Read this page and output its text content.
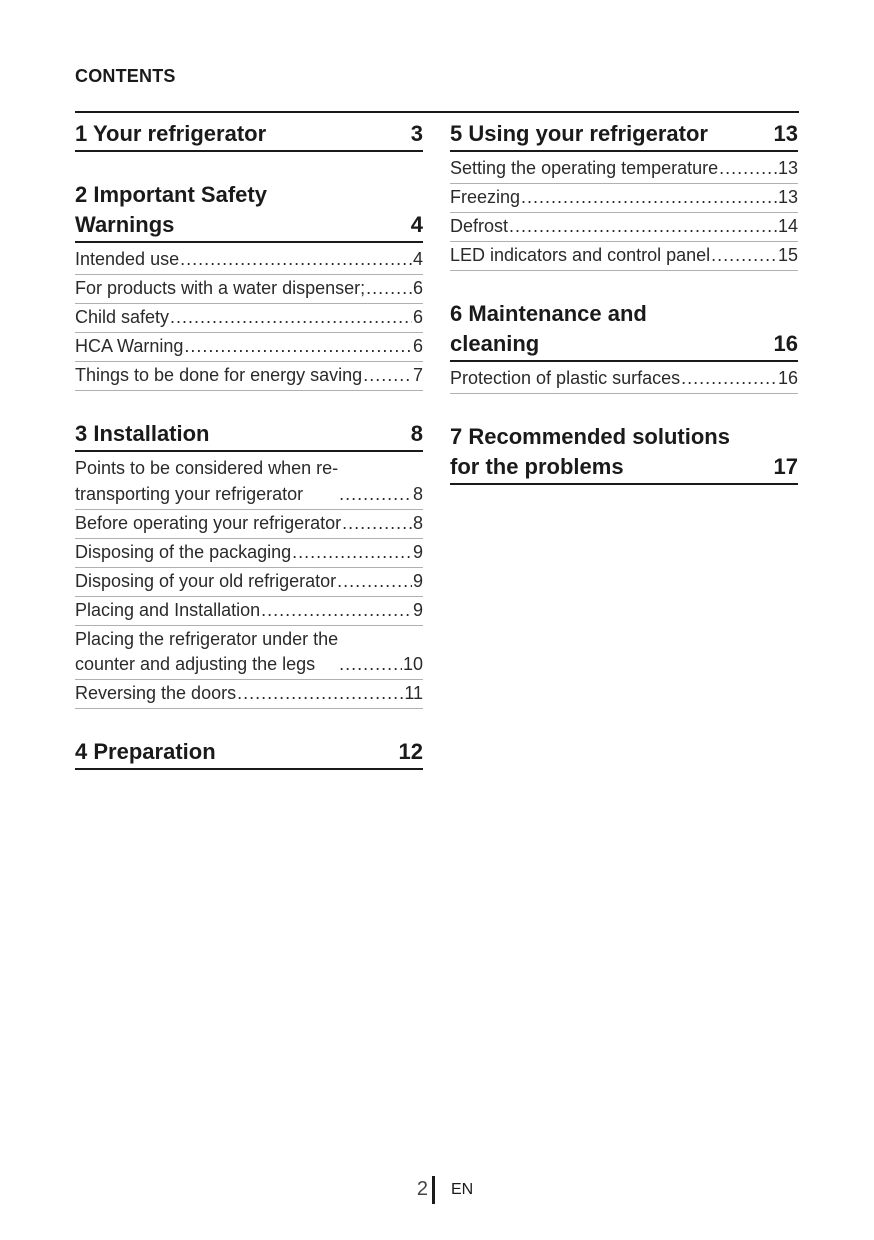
CONTENTS
1 Your refrigerator	3
2 Important Safety
Warnings	4
Intended use .....	4
For products with a water dispenser; .....	6
Child safety .....	6
HCA Warning .....	6
Things to be done for energy saving .....	7
3 Installation	8
Points to be considered when re-
transporting your refrigerator .....	8
Before operating your refrigerator .....	8
Disposing of the packaging .....	9
Disposing of your old refrigerator .....	9
Placing and Installation .....	9
Placing the refrigerator under the
counter and adjusting the legs .....	10
Reversing the doors .....	11
4 Preparation	12
5 Using your refrigerator	13
Setting the operating temperature .....	13
Freezing .....	13
Defrost .....	14
LED indicators and control panel .....	15
6 Maintenance and
cleaning	16
Protection of plastic surfaces .....	16
7 Recommended solutions
for the problems	17
2 EN
